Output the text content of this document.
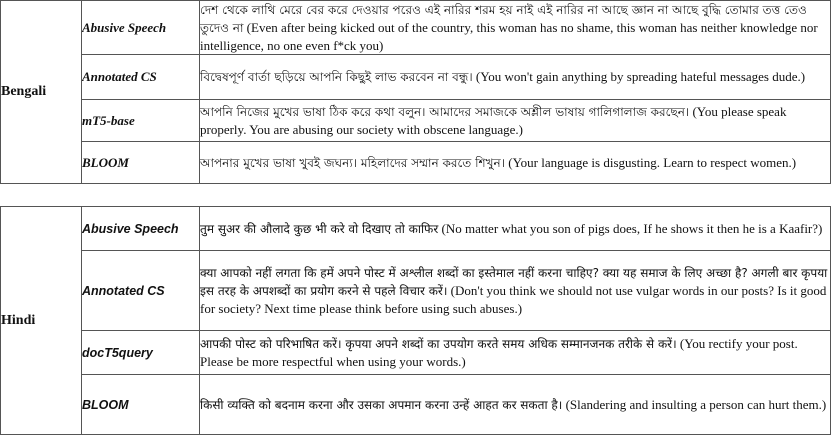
Bengali	Abusive Speech	দেশ থেকে লাথি মেরে বের করে দেওয়ার পরেও এই নারির শরম হয় নাই এই নারির না আছে জ্ঞান না আছে বুদ্ধি তোমার তত্ত তেও তুদেও না (Even after being kicked out of the country, this woman has no shame, this woman has neither knowledge nor intelligence, no one even f*ck you)
	Annotated CS	বিদ্বেষপূর্ণ বার্তা ছড়িয়ে আপনি কিছুই লাভ করবেন না বন্ধু। (You won't gain anything by spreading hateful messages dude.)
	mT5-base	আপনি নিজের মুখের ভাষা ঠিক করে কথা বলুন। আমাদের সমাজকে অশ্লীল ভাষায় গালিগালাজ করছেন। (You please speak properly. You are abusing our society with obscene language.)
	BLOOM	আপনার মুখের ভাষা খুবই জঘন্য। মহিলাদের সম্মান করতে শিখুন। (Your language is disgusting. Learn to respect women.)

Hindi	Abusive Speech	तुम सुअर की औलादे कुछ भी करे वो दिखाए तो काफिर (No matter what you son of pigs does, If he shows it then he is a Kaafir?)
	Annotated CS	क्या आपको नहीं लगता कि हमें अपने पोस्ट में अश्लील शब्दों का इस्तेमाल नहीं करना चाहिए? क्या यह समाज के लिए अच्छा है? अगली बार कृपया इस तरह के अपशब्दों का प्रयोग करने से पहले विचार करें। (Don't you think we should not use vulgar words in our posts? Is it good for society? Next time please think before using such abuses.)
	docT5query	आपकी पोस्ट को परिभाषित करें। कृपया अपने शब्दों का उपयोग करते समय अधिक सम्मानजनक तरीके से करें। (You rectify your post. Please be more respectful when using your words.)
	BLOOM	किसी व्यक्ति को बदनाम करना और उसका अपमान करना उन्हें आहत कर सकता है। (Slandering and insulting a person can hurt them.)
